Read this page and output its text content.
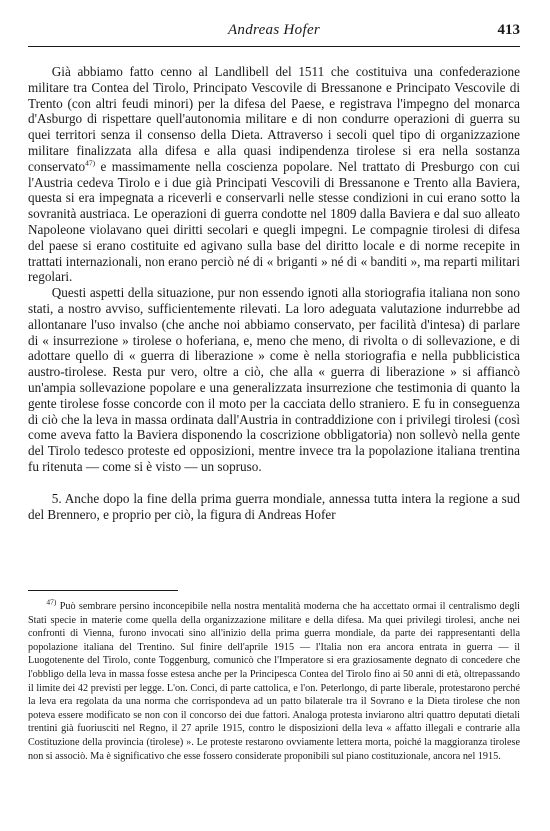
Andreas Hofer	413

Già abbiamo fatto cenno al Landlibell del 1511 che costituiva una confederazione militare tra Contea del Tirolo, Principato Vescovile di Bressanone e Principato Vescovile di Trento (con altri feudi minori) per la difesa del Paese, e registrava l'impegno del monarca d'Asburgo di rispettare quell'autonomia militare e di non condurre operazioni di guerra su quei territori senza il consenso della Dieta. Attraverso i secoli quel tipo di organizzazione militare finalizzata alla difesa e alla quasi indipendenza tirolese si era nella sostanza conservato$^{47)}$ e massimamente nella coscienza popolare. Nel trattato di Presburgo con cui l'Austria cedeva Tirolo e i due già Principati Vescovili di Bressanone e Trento alla Baviera, questa si era impegnata a riceverli e conservarli nelle stesse condizioni in cui erano sotto la sovranità austriaca. Le operazioni di guerra condotte nel 1809 dalla Baviera e dal suo alleato Napoleone violavano quei diritti secolari e quegli impegni. Le compagnie tirolesi di difesa del paese si erano costituite ed agivano sulla base del diritto locale e di norme recepite in trattati internazionali, non erano perciò né di « briganti » né di « banditi », ma reparti militari regolari.

Questi aspetti della situazione, pur non essendo ignoti alla storiografia italiana non sono stati, a nostro avviso, sufficientemente rilevati. La loro adeguata valutazione indurrebbe ad allontanare l'uso invalso (che anche noi abbiamo conservato, per facilità d'intesa) di parlare di « insurrezione » tirolese o hoferiana, e, meno che meno, di rivolta o di sollevazione, e di adottare quello di « guerra di liberazione » come è nella storiografia e nella pubblicistica austro-tirolese. Resta pur vero, oltre a ciò, che alla « guerra di liberazione » si affiancò un'ampia sollevazione popolare e una generalizzata insurrezione che testimonia di quanto la gente tirolese fosse concorde con il moto per la cacciata dello straniero. E fu in conseguenza di ciò che la leva in massa ordinata dall'Austria in contraddizione con i privilegi tirolesi (così come aveva fatto la Baviera disponendo la coscrizione obbligatoria) non sollevò nella gente del Tirolo tedesco proteste ed opposizioni, mentre invece tra la popolazione italiana trentina fu ritenuta — come si è visto — un sopruso.

5. Anche dopo la fine della prima guerra mondiale, annessa tutta intera la regione a sud del Brennero, e proprio per ciò, la figura di Andreas Hofer

$^{47)}$ Può sembrare persino inconcepibile nella nostra mentalità moderna che ha accettato ormai il centralismo degli Stati specie in materie come quella della organizzazione militare e della difesa. Ma quei privilegi tirolesi, anche nei confronti di Vienna, furono invocati sino all'inizio della prima guerra mondiale, da parte dei rappresentanti della popolazione italiana del Trentino. Sul finire dell'aprile 1915 — l'Italia non era ancora entrata in guerra — il Luogotenente del Tirolo, conte Toggenburg, comunicò che l'Imperatore si era graziosamente degnato di concedere che l'obbligo della leva in massa fosse estesa anche per la Principesca Contea del Tirolo fino ai 50 anni di età, oltrepassando il limite dei 42 previsti per legge. L'on. Conci, di parte cattolica, e l'on. Peterlongo, di parte liberale, protestarono perché la leva era regolata da una norma che corrispondeva ad un patto bilaterale tra il Sovrano e la Dieta tirolese che non poteva essere modificato se non con il concorso dei due fattori. Analoga protesta inviarono altri quattro deputati dietali trentini già fuoriusciti nel Regno, il 27 aprile 1915, contro le disposizioni della leva « affatto illegali e contrarie alla Costituzione della provincia (tirolese) ». Le proteste restarono ovviamente lettera morta, poiché la maggioranza tirolese non si associò. Ma è significativo che esse fossero considerate proponibili sul piano costituzionale, ancora nel 1915.
